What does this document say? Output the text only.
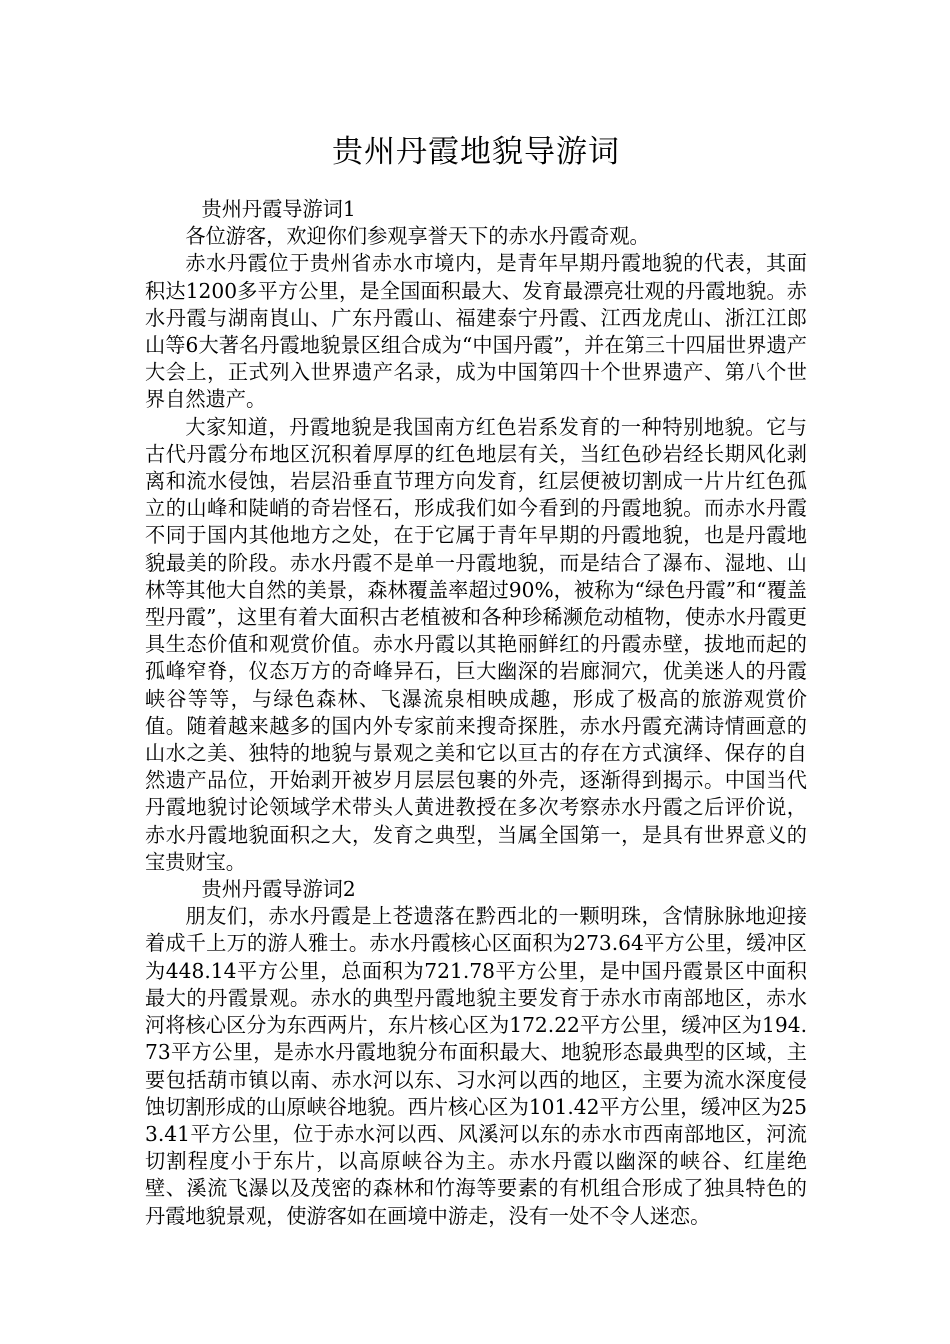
贵州丹霞地貌导游词

贵州丹霞导游词1

各位游客，欢迎你们参观享誉天下的赤水丹霞奇观。

赤水丹霞位于贵州省赤水市境内，是青年早期丹霞地貌的代表，其面积达1200多平方公里，是全国面积最大、发育最漂亮壮观的丹霞地貌。赤水丹霞与湖南崀山、广东丹霞山、福建泰宁丹霞、江西龙虎山、浙江江郎山等6大著名丹霞地貌景区组合成为“中国丹霞”，并在第三十四届世界遗产大会上，正式列入世界遗产名录，成为中国第四十个世界遗产、第八个世界自然遗产。

大家知道，丹霞地貌是我国南方红色岩系发育的一种特别地貌。它与古代丹霞分布地区沉积着厚厚的红色地层有关，当红色砂岩经长期风化剥离和流水侵蚀，岩层沿垂直节理方向发育，红层便被切割成一片片红色孤立的山峰和陡峭的奇岩怪石，形成我们如今看到的丹霞地貌。而赤水丹霞不同于国内其他地方之处，在于它属于青年早期的丹霞地貌，也是丹霞地貌最美的阶段。赤水丹霞不是单一丹霞地貌，而是结合了瀑布、湿地、山林等其他大自然的美景，森林覆盖率超过90%，被称为“绿色丹霞”和“覆盖型丹霞”，这里有着大面积古老植被和各种珍稀濒危动植物，使赤水丹霞更具生态价值和观赏价值。赤水丹霞以其艳丽鲜红的丹霞赤壁，拔地而起的孤峰窄脊，仪态万方的奇峰异石，巨大幽深的岩廊洞穴，优美迷人的丹霞峡谷等等，与绿色森林、飞瀑流泉相映成趣，形成了极高的旅游观赏价值。随着越来越多的国内外专家前来搜奇探胜，赤水丹霞充满诗情画意的山水之美、独特的地貌与景观之美和它以亘古的存在方式演绎、保存的自然遗产品位，开始剥开被岁月层层包裹的外壳，逐渐得到揭示。中国当代丹霞地貌讨论领域学术带头人黄进教授在多次考察赤水丹霞之后评价说，赤水丹霞地貌面积之大，发育之典型，当属全国第一，是具有世界意义的宝贵财宝。

贵州丹霞导游词2

朋友们，赤水丹霞是上苍遗落在黔西北的一颗明珠，含情脉脉地迎接着成千上万的游人雅士。赤水丹霞核心区面积为273.64平方公里，缓冲区为448.14平方公里，总面积为721.78平方公里，是中国丹霞景区中面积最大的丹霞景观。赤水的典型丹霞地貌主要发育于赤水市南部地区，赤水河将核心区分为东西两片，东片核心区为172.22平方公里，缓冲区为194.73平方公里，是赤水丹霞地貌分布面积最大、地貌形态最典型的区域，主要包括葫市镇以南、赤水河以东、习水河以西的地区，主要为流水深度侵蚀切割形成的山原峡谷地貌。西片核心区为101.42平方公里，缓冲区为253.41平方公里，位于赤水河以西、风溪河以东的赤水市西南部地区，河流切割程度小于东片，以高原峡谷为主。赤水丹霞以幽深的峡谷、红崖绝壁、溪流飞瀑以及茂密的森林和竹海等要素的有机组合形成了独具特色的丹霞地貌景观，使游客如在画境中游走，没有一处不令人迷恋。
